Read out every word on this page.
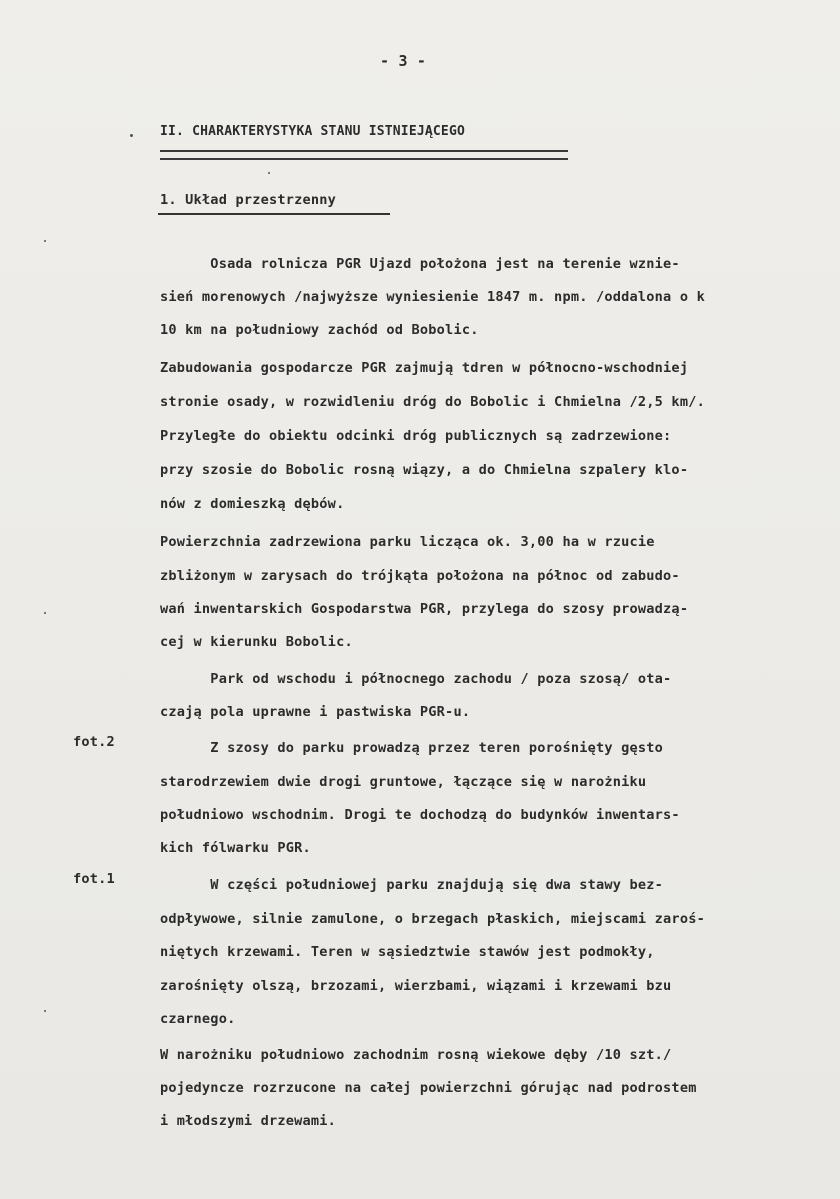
- 3 -
II. CHARAKTERYSTYKA STANU ISTNIEJĄCEGO
1. Układ przestrzenny
fot.2
fot.1
Osada rolnicza PGR Ujazd położona jest na terenie wznie-
sień morenowych /najwyższe wyniesienie 1847 m. npm. /oddalona o k
10 km na południowy zachód od Bobolic.
Zabudowania gospodarcze PGR zajmują tdren w północno-wschodniej
stronie osady, w rozwidleniu dróg do Bobolic i Chmielna /2,5 km/.
Przyległe do obiektu odcinki dróg publicznych są zadrzewione:
przy szosie do Bobolic rosną wiązy, a do Chmielna szpalery klo-
nów z domieszką dębów.
Powierzchnia zadrzewiona parku licząca ok. 3,00 ha w rzucie
zbliżonym w zarysach do trójkąta położona na północ od zabudo-
wań inwentarskich Gospodarstwa PGR, przylega do szosy prowadzą-
cej w kierunku Bobolic.
Park od wschodu i północnego zachodu / poza szosą/ ota-
czają pola uprawne i pastwiska PGR-u.
Z szosy do parku prowadzą przez teren porośnięty gęsto
starodrzewiem dwie drogi gruntowe, łączące się w narożniku
południowo wschodnim. Drogi te dochodzą do budynków inwentars-
kich fólwarku PGR.
W części południowej parku znajdują się dwa stawy bez-
odpływowe, silnie zamulone, o brzegach płaskich, miejscami zaroś-
niętych krzewami. Teren w sąsiedztwie stawów jest podmokły,
zarośnięty olszą, brzozami, wierzbami, wiązami i krzewami bzu
czarnego.
W narożniku południowo zachodnim rosną wiekowe dęby /10 szt./
pojedyncze rozrzucone na całej powierzchni górując nad podrostem
i młodszymi drzewami.
